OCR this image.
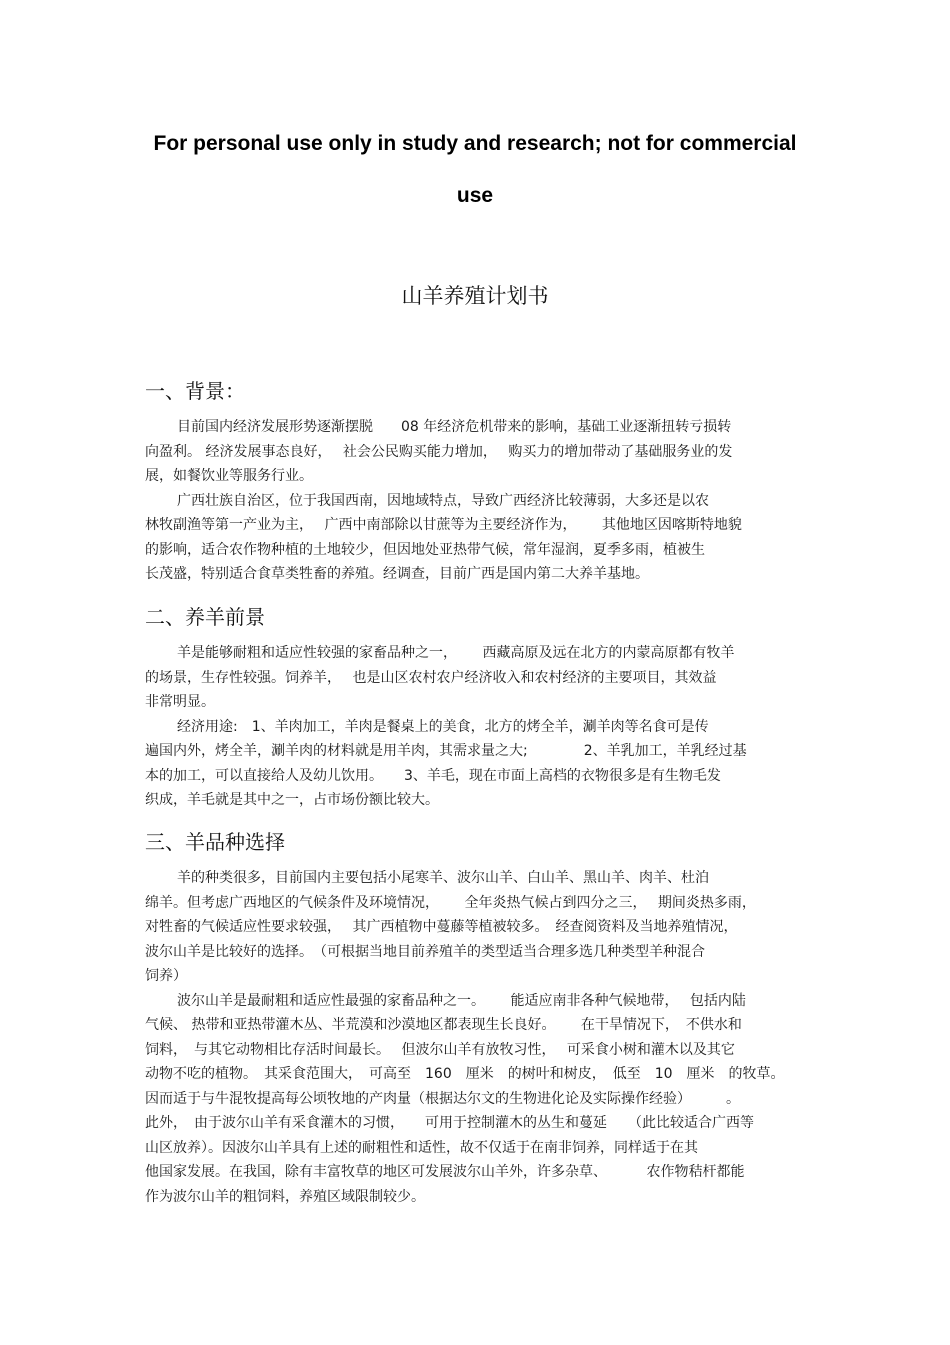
For personal use only in study and research; not for commercial
use
山羊养殖计划书
一、背景：

目前国内经济发展形势逐渐摆脱　　08 年经济危机带来的影响，基础工业逐渐扭转亏损转

向盈利。 经济发展事态良好，　 社会公民购买能力增加，　 购买力的增加带动了基础服务业的发

展，如餐饮业等服务行业。

广西壮族自治区，位于我国西南，因地域特点，导致广西经济比较薄弱，大多还是以农

林牧副渔等第一产业为主，　 广西中南部除以甘蔗等为主要经济作为，　　 其他地区因喀斯特地貌

的影响，适合农作物种植的土地较少，但因地处亚热带气候，常年湿润，夏季多雨，植被生

长茂盛，特别适合食草类牲畜的养殖。经调查，目前广西是国内第二大养羊基地。

二、养羊前景

羊是能够耐粗和适应性较强的家畜品种之一，　　 西藏高原及远在北方的内蒙高原都有牧羊

的场景，生存性较强。饲养羊，　 也是山区农村农户经济收入和农村经济的主要项目，其效益

非常明显。

经济用途:　1、羊肉加工，羊肉是餐桌上的美食，北方的烤全羊，涮羊肉等名食可是传

遍国内外，烤全羊，涮羊肉的材料就是用羊肉，其需求量之大;　　　　2、羊乳加工，羊乳经过基

本的加工，可以直接给人及幼儿饮用。　　3、羊毛，现在市面上高档的衣物很多是有生物毛发

织成，羊毛就是其中之一，占市场份额比较大。

三、羊品种选择

羊的种类很多，目前国内主要包括小尾寒羊、波尔山羊、白山羊、黑山羊、肉羊、杜泊

绵羊。但考虑广西地区的气候条件及环境情况，　　 全年炎热气候占到四分之三，　 期间炎热多雨，

对牲畜的气候适应性要求较强，　 其广西植物中蔓藤等植被较多。　经查阅资料及当地养殖情况，

波尔山羊是比较好的选择。　（可根据当地目前养殖羊的类型适当合理多选几种类型羊种混合

饲养）

波尔山羊是最耐粗和适应性最强的家畜品种之一。　　 能适应南非各种气候地带，　 包括内陆

气候、 热带和亚热带灌木丛、半荒漠和沙漠地区都表现生长良好。　　 在干旱情况下，　不供水和

饲料，　与其它动物相比存活时间最长。　 但波尔山羊有放牧习性，　 可采食小树和灌木以及其它

动物不吃的植物。　其采食范围大，　可高至　160　厘米　的树叶和树皮，　低至　10　厘米　的牧草。

因而适于与牛混牧提高每公顷牧地的产肉量（根据达尔文的生物进化论及实际操作经验）　　　。

此外，　由于波尔山羊有采食灌木的习惯，　　可用于控制灌木的丛生和蔓延　　（此比较适合广西等

山区放养）。因波尔山羊具有上述的耐粗性和适性，故不仅适于在南非饲养，同样适于在其

他国家发展。在我国，除有丰富牧草的地区可发展波尔山羊外，许多杂草、　　　 农作物秸杆都能

作为波尔山羊的粗饲料，养殖区域限制较少。
